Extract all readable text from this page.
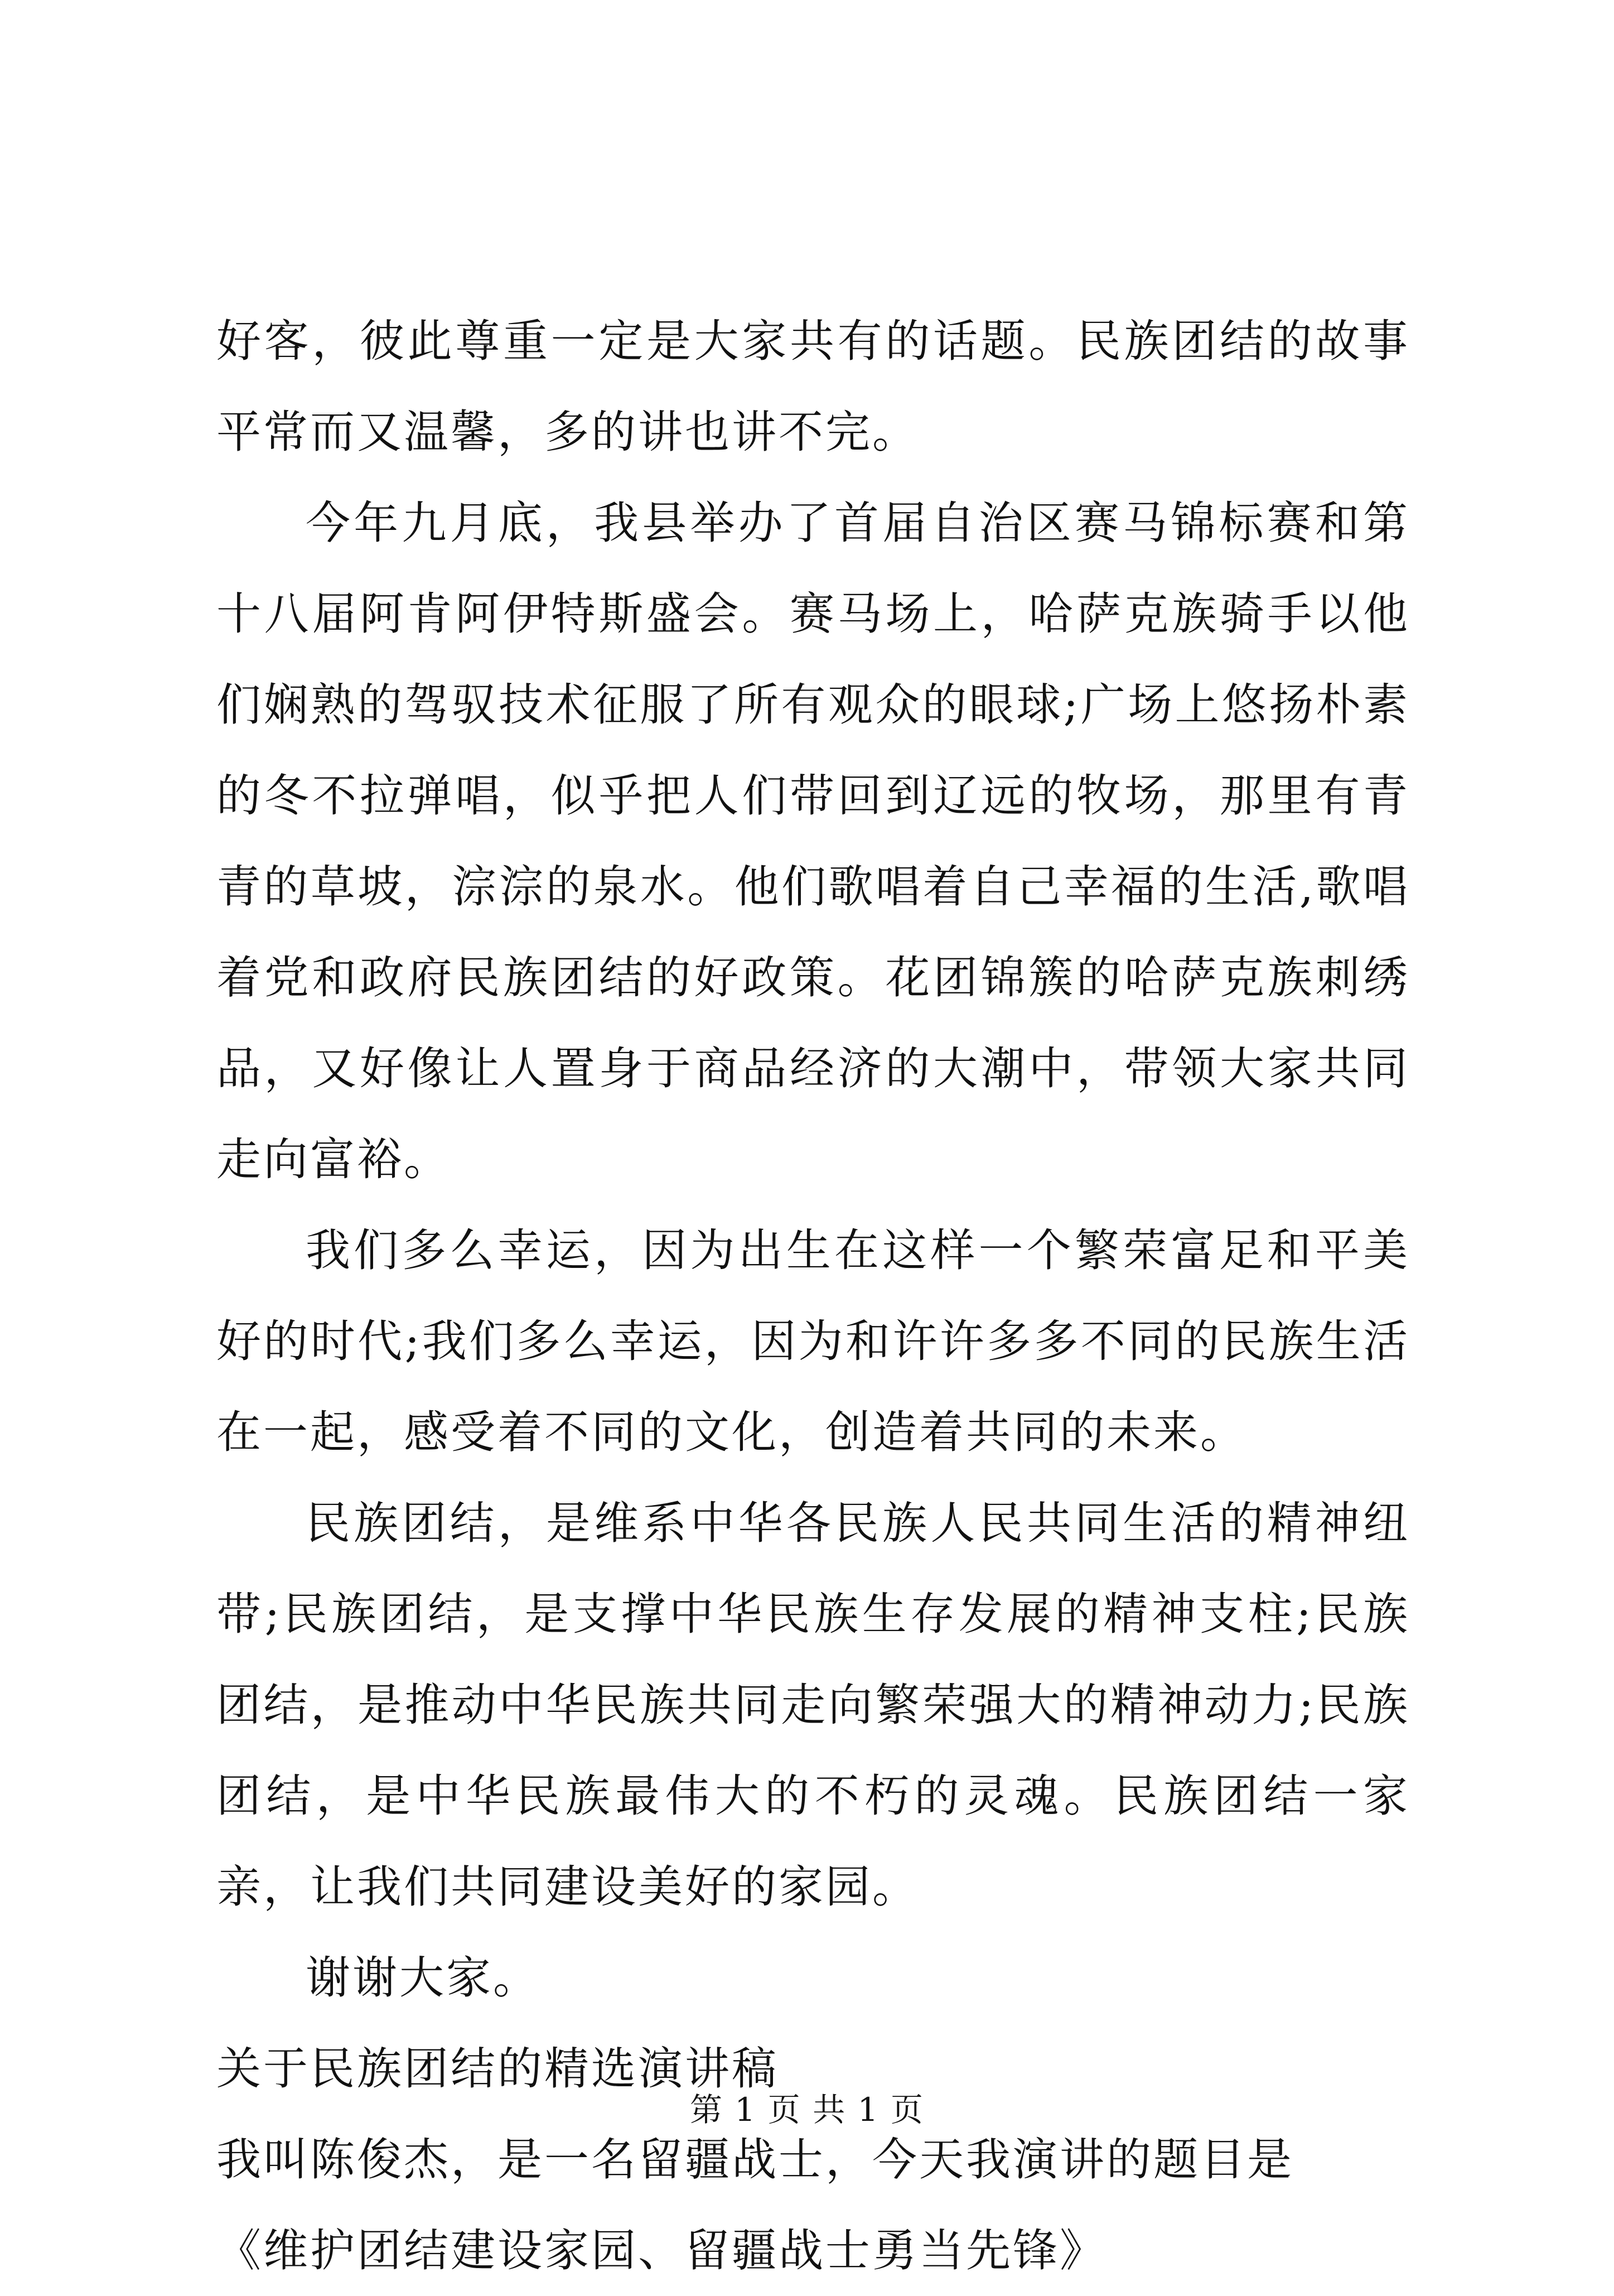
好客，彼此尊重一定是大家共有的话题。民族团结的故事平常而又温馨，多的讲也讲不完。

今年九月底，我县举办了首届自治区赛马锦标赛和第十八届阿肯阿伊特斯盛会。赛马场上，哈萨克族骑手以他们娴熟的驾驭技术征服了所有观众的眼球;广场上悠扬朴素的冬不拉弹唱，似乎把人们带回到辽远的牧场，那里有青青的草坡，淙淙的泉水。他们歌唱着自己幸福的生活,歌唱着党和政府民族团结的好政策。花团锦簇的哈萨克族刺绣品，又好像让人置身于商品经济的大潮中，带领大家共同走向富裕。

我们多么幸运，因为出生在这样一个繁荣富足和平美好的时代;我们多么幸运，因为和许许多多不同的民族生活在一起，感受着不同的文化，创造着共同的未来。

民族团结，是维系中华各民族人民共同生活的精神纽带;民族团结，是支撑中华民族生存发展的精神支柱;民族团结，是推动中华民族共同走向繁荣强大的精神动力;民族团结，是中华民族最伟大的不朽的灵魂。民族团结一家亲，让我们共同建设美好的家园。

谢谢大家。

关于民族团结的精选演讲稿

我叫陈俊杰，是一名留疆战士，今天我演讲的题目是

《维护团结建设家园、留疆战士勇当先锋》

第 1 页 共 1 页
